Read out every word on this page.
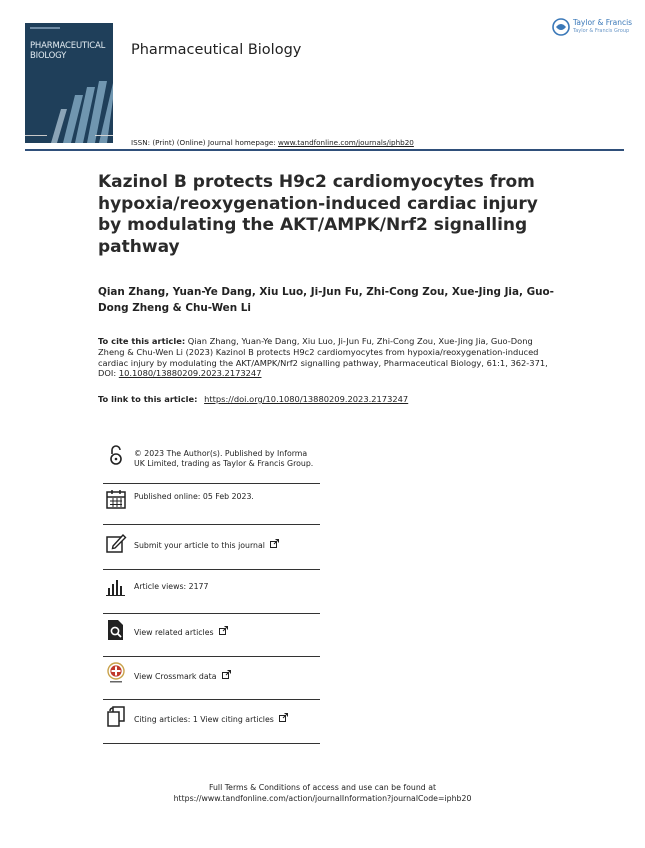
PHARMACEUTICAL
BIOLOGY	Pharmaceutical Biology
Taylor & Francis
Taylor & Francis Group
ISSN: (Print) (Online) Journal homepage: www.tandfonline.com/journals/iphb20
Kazinol B protects H9c2 cardiomyocytes from hypoxia/reoxygenation-induced cardiac injury by modulating the AKT/AMPK/Nrf2 signalling pathway
Qian Zhang, Yuan-Ye Dang, Xiu Luo, Ji-Jun Fu, Zhi-Cong Zou, Xue-Jing Jia, Guo-Dong Zheng & Chu-Wen Li
To cite this article: Qian Zhang, Yuan-Ye Dang, Xiu Luo, Ji-Jun Fu, Zhi-Cong Zou, Xue-Jing Jia, Guo-Dong Zheng & Chu-Wen Li (2023) Kazinol B protects H9c2 cardiomyocytes from hypoxia/reoxygenation-induced cardiac injury by modulating the AKT/AMPK/Nrf2 signalling pathway, Pharmaceutical Biology, 61:1, 362-371, DOI: 10.1080/13880209.2023.2173247
To link to this article: https://doi.org/10.1080/13880209.2023.2173247
© 2023 The Author(s). Published by Informa UK Limited, trading as Taylor & Francis Group.
Published online: 05 Feb 2023.
Submit your article to this journal
Article views: 2177
View related articles
View Crossmark data
Citing articles: 1 View citing articles
Full Terms & Conditions of access and use can be found at
https://www.tandfonline.com/action/journalInformation?journalCode=iphb20
